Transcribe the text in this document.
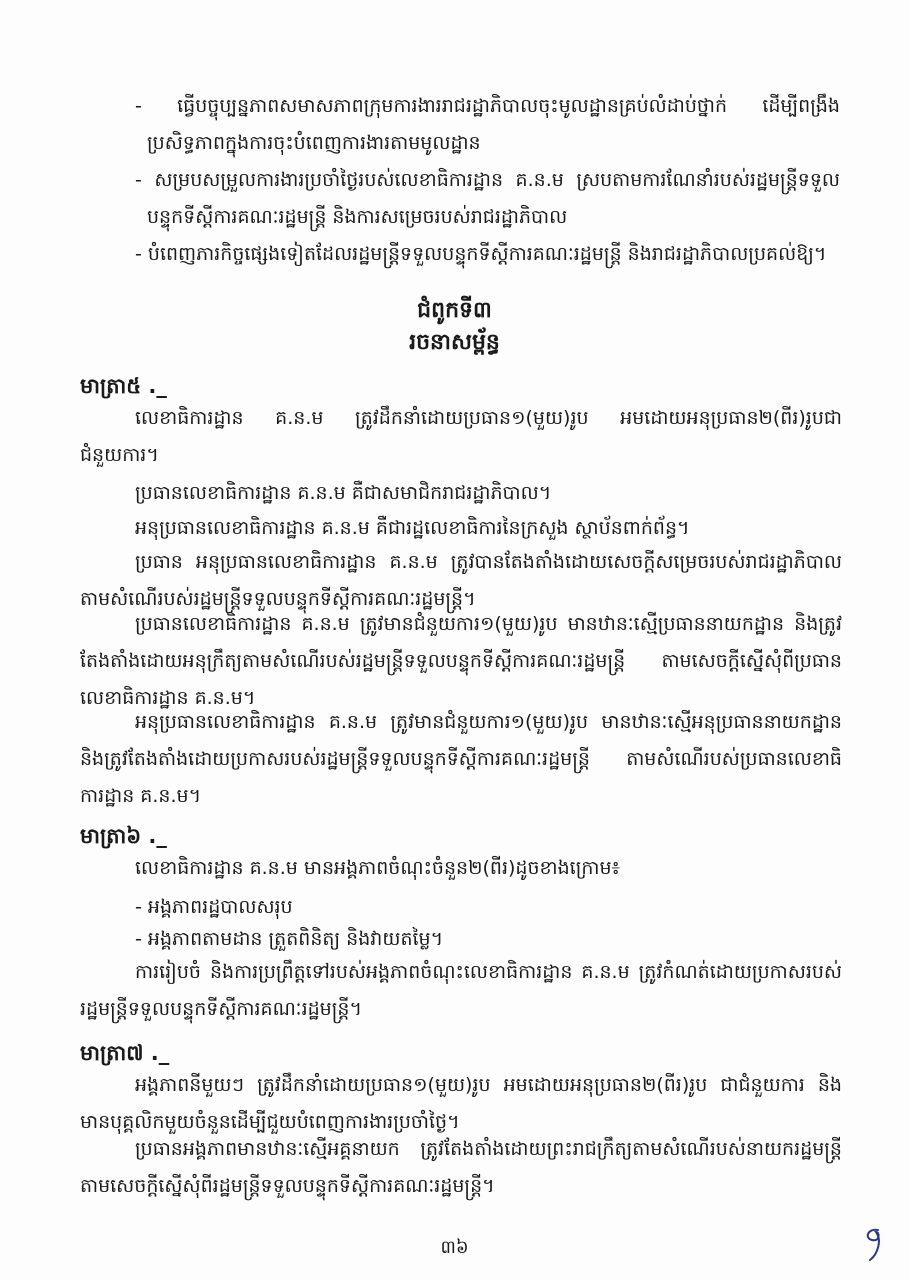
- ធ្វើបច្ចុប្បន្នភាពសមាសភាពក្រុមការងាររាជរដ្ឋាភិបាលចុះមូលដ្ឋានគ្រប់លំដាប់ថ្នាក់ ដើម្បីពង្រឹងប្រសិទ្ធភាពក្នុងការចុះបំពេញការងារតាមមូលដ្ឋាន
- សម្របសម្រួលការងារប្រចាំថ្ងៃរបស់លេខាធិការដ្ឋាន គ.ន.ម ស្របតាមការណែនាំរបស់រដ្ឋមន្ត្រីទទួលបន្ទុកទីស្តីការគណៈរដ្ឋមន្ត្រី និងការសម្រេចរបស់រាជរដ្ឋាភិបាល
- បំពេញភារកិច្ចផ្សេងទៀតដែលរដ្ឋមន្ត្រីទទួលបន្ទុកទីស្តីការគណៈរដ្ឋមន្ត្រី និងរាជរដ្ឋាភិបាលប្រគល់ឱ្យ។
ជំពូកទី៣
រចនាសម្ព័ន្ធ
មាត្រា៥ ._
លេខាធិការដ្ឋាន គ.ន.ម ត្រូវដឹកនាំដោយប្រធាន១(មួយ)រូប អមដោយអនុប្រធាន២(ពីរ)រូបជាជំនួយការ។
ប្រធានលេខាធិការដ្ឋាន គ.ន.ម គឺជាសមាជិករាជរដ្ឋាភិបាល។
អនុប្រធានលេខាធិការដ្ឋាន គ.ន.ម គឺជារដ្ឋលេខាធិការនៃក្រសួង ស្ថាប័នពាក់ព័ន្ធ។
ប្រធាន អនុប្រធានលេខាធិការដ្ឋាន គ.ន.ម ត្រូវបានតែងតាំងដោយសេចក្តីសម្រេចរបស់រាជរដ្ឋាភិបាលតាមសំណើរបស់រដ្ឋមន្ត្រីទទួលបន្ទុកទីស្តីការគណៈរដ្ឋមន្ត្រី។
ប្រធានលេខាធិការដ្ឋាន គ.ន.ម ត្រូវមានជំនួយការ១(មួយ)រូប មានឋានៈស្មើប្រធាននាយកដ្ឋាន និងត្រូវតែងតាំងដោយអនុក្រឹត្យតាមសំណើរបស់រដ្ឋមន្ត្រីទទួលបន្ទុកទីស្តីការគណៈរដ្ឋមន្ត្រី តាមសេចក្តីស្នើសុំពីប្រធានលេខាធិការដ្ឋាន គ.ន.ម។
អនុប្រធានលេខាធិការដ្ឋាន គ.ន.ម ត្រូវមានជំនួយការ១(មួយ)រូប មានឋានៈស្មើអនុប្រធាននាយកដ្ឋាន និងត្រូវតែងតាំងដោយប្រកាសរបស់រដ្ឋមន្ត្រីទទួលបន្ទុកទីស្តីការគណៈរដ្ឋមន្ត្រី តាមសំណើរបស់ប្រធានលេខាធិការដ្ឋាន គ.ន.ម។
មាត្រា៦ ._
លេខាធិការដ្ឋាន គ.ន.ម មានអង្គភាពចំណុះចំនួន២(ពីរ)ដូចខាងក្រោម៖
- អង្គភាពរដ្ឋបាលសរុប
- អង្គភាពតាមដាន ត្រួតពិនិត្យ និងវាយតម្លៃ។
ការរៀបចំ និងការប្រព្រឹត្តទៅរបស់អង្គភាពចំណុះលេខាធិការដ្ឋាន គ.ន.ម ត្រូវកំណត់ដោយប្រកាសរបស់រដ្ឋមន្ត្រីទទួលបន្ទុកទីស្តីការគណៈរដ្ឋមន្ត្រី។
មាត្រា៧ ._
អង្គភាពនីមួយៗ ត្រូវដឹកនាំដោយប្រធាន១(មួយ)រូប អមដោយអនុប្រធាន២(ពីរ)រូប ជាជំនួយការ និងមានបុគ្គលិកមួយចំនួនដើម្បីជួយបំពេញការងារប្រចាំថ្ងៃ។
ប្រធានអង្គភាពមានឋានៈស្មើអគ្គនាយក ត្រូវតែងតាំងដោយព្រះរាជក្រឹត្យតាមសំណើរបស់នាយករដ្ឋមន្ត្រី តាមសេចក្តីស្នើសុំពីរដ្ឋមន្ត្រីទទួលបន្ទុកទីស្តីការគណៈរដ្ឋមន្ត្រី។
៣៦
